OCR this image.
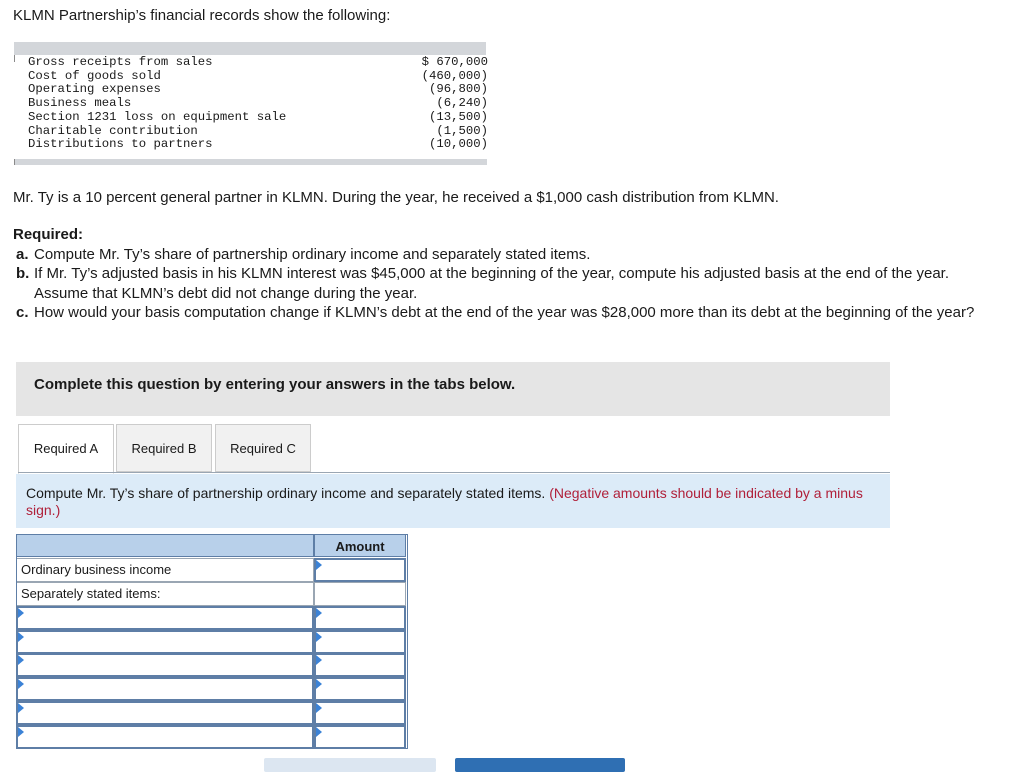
KLMN Partnership’s financial records show the following:
Gross receipts from sales	$ 670,000
Cost of goods sold	(460,000)
Operating expenses	(96,800)
Business meals	(6,240)
Section 1231 loss on equipment sale	(13,500)
Charitable contribution	(1,500)
Distributions to partners	(10,000)
Mr. Ty is a 10 percent general partner in KLMN. During the year, he received a $1,000 cash distribution from KLMN.
Required:
a. Compute Mr. Ty’s share of partnership ordinary income and separately stated items.
b. If Mr. Ty’s adjusted basis in his KLMN interest was $45,000 at the beginning of the year, compute his adjusted basis at the end of the year. Assume that KLMN’s debt did not change during the year.
c. How would your basis computation change if KLMN’s debt at the end of the year was $28,000 more than its debt at the beginning of the year?
Complete this question by entering your answers in the tabs below.
Required A	Required B	Required C
Compute Mr. Ty’s share of partnership ordinary income and separately stated items. (Negative amounts should be indicated by a minus sign.)
Amount
Ordinary business income
Separately stated items:
